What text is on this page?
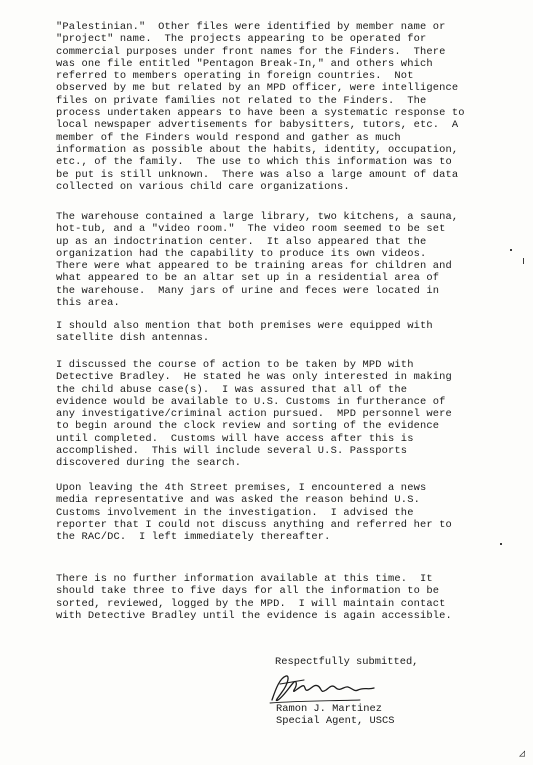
"Palestinian."  Other files were identified by member name or
"project" name.  The projects appearing to be operated for
commercial purposes under front names for the Finders.  There
was one file entitled "Pentagon Break-In," and others which
referred to members operating in foreign countries.  Not
observed by me but related by an MPD officer, were intelligence
files on private families not related to the Finders.  The
process undertaken appears to have been a systematic response to
local newspaper advertisements for babysitters, tutors, etc.  A
member of the Finders would respond and gather as much
information as possible about the habits, identity, occupation,
etc., of the family.  The use to which this information was to
be put is still unknown.  There was also a large amount of data
collected on various child care organizations.
The warehouse contained a large library, two kitchens, a sauna,
hot-tub, and a "video room."  The video room seemed to be set
up as an indoctrination center.  It also appeared that the
organization had the capability to produce its own videos.
There were what appeared to be training areas for children and
what appeared to be an altar set up in a residential area of
the warehouse.  Many jars of urine and feces were located in
this area.
I should also mention that both premises were equipped with
satellite dish antennas.
I discussed the course of action to be taken by MPD with
Detective Bradley.  He stated he was only interested in making
the child abuse case(s).  I was assured that all of the
evidence would be available to U.S. Customs in furtherance of
any investigative/criminal action pursued.  MPD personnel were
to begin around the clock review and sorting of the evidence
until completed.  Customs will have access after this is
accomplished.  This will include several U.S. Passports
discovered during the search.
Upon leaving the 4th Street premises, I encountered a news
media representative and was asked the reason behind U.S.
Customs involvement in the investigation.  I advised the
reporter that I could not discuss anything and referred her to
the RAC/DC.  I left immediately thereafter.
There is no further information available at this time.  It
should take three to five days for all the information to be
sorted, reviewed, logged by the MPD.  I will maintain contact
with Detective Bradley until the evidence is again accessible.
Respectfully submitted,
Ramon J. Martinez
Special Agent, USCS
◿
